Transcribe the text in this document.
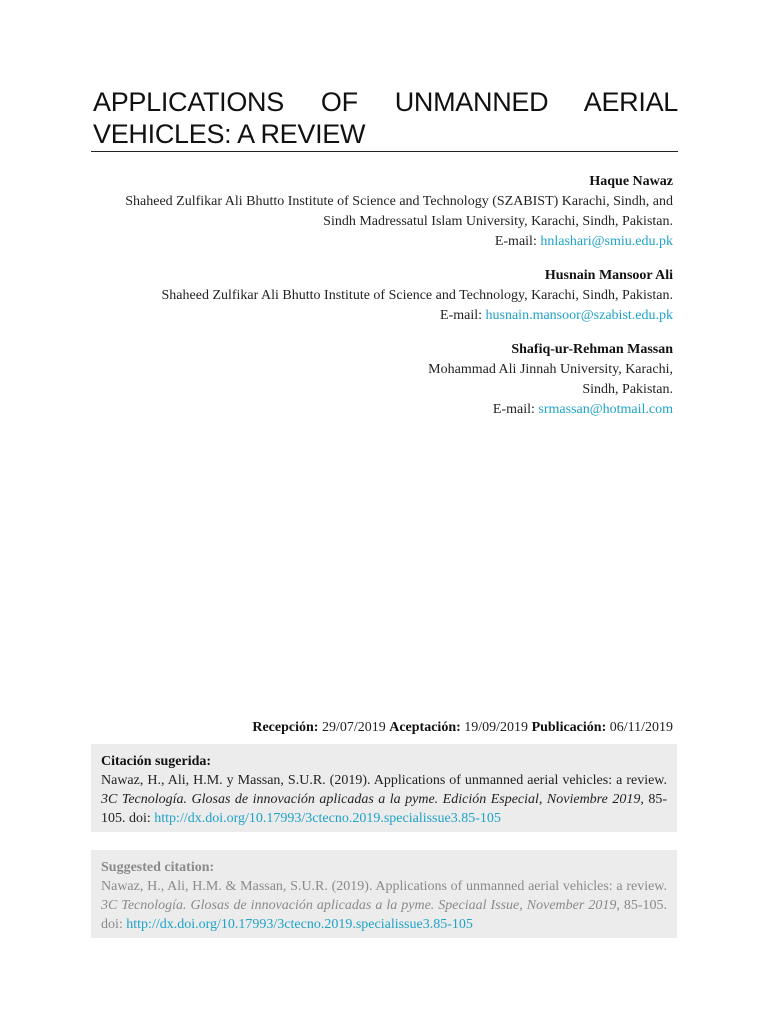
APPLICATIONS OF UNMANNED AERIAL VEHICLES: A REVIEW
Haque Nawaz
Shaheed Zulfikar Ali Bhutto Institute of Science and Technology (SZABIST) Karachi, Sindh, and
Sindh Madressatul Islam University, Karachi, Sindh, Pakistan.
E-mail: hnlashari@smiu.edu.pk
Husnain Mansoor Ali
Shaheed Zulfikar Ali Bhutto Institute of Science and Technology, Karachi, Sindh, Pakistan.
E-mail: husnain.mansoor@szabist.edu.pk
Shafiq-ur-Rehman Massan
Mohammad Ali Jinnah University, Karachi,
Sindh, Pakistan.
E-mail: srmassan@hotmail.com
Recepción: 29/07/2019 Aceptación: 19/09/2019 Publicación: 06/11/2019
Citación sugerida:
Nawaz, H., Ali, H.M. y Massan, S.U.R. (2019). Applications of unmanned aerial vehicles: a review. 3C Tecnología. Glosas de innovación aplicadas a la pyme. Edición Especial, Noviembre 2019, 85-105. doi: http://dx.doi.org/10.17993/3ctecno.2019.specialissue3.85-105
Suggested citation:
Nawaz, H., Ali, H.M. & Massan, S.U.R. (2019). Applications of unmanned aerial vehicles: a review. 3C Tecnología. Glosas de innovación aplicadas a la pyme. Speciaal Issue, November 2019, 85-105. doi: http://dx.doi.org/10.17993/3ctecno.2019.specialissue3.85-105
